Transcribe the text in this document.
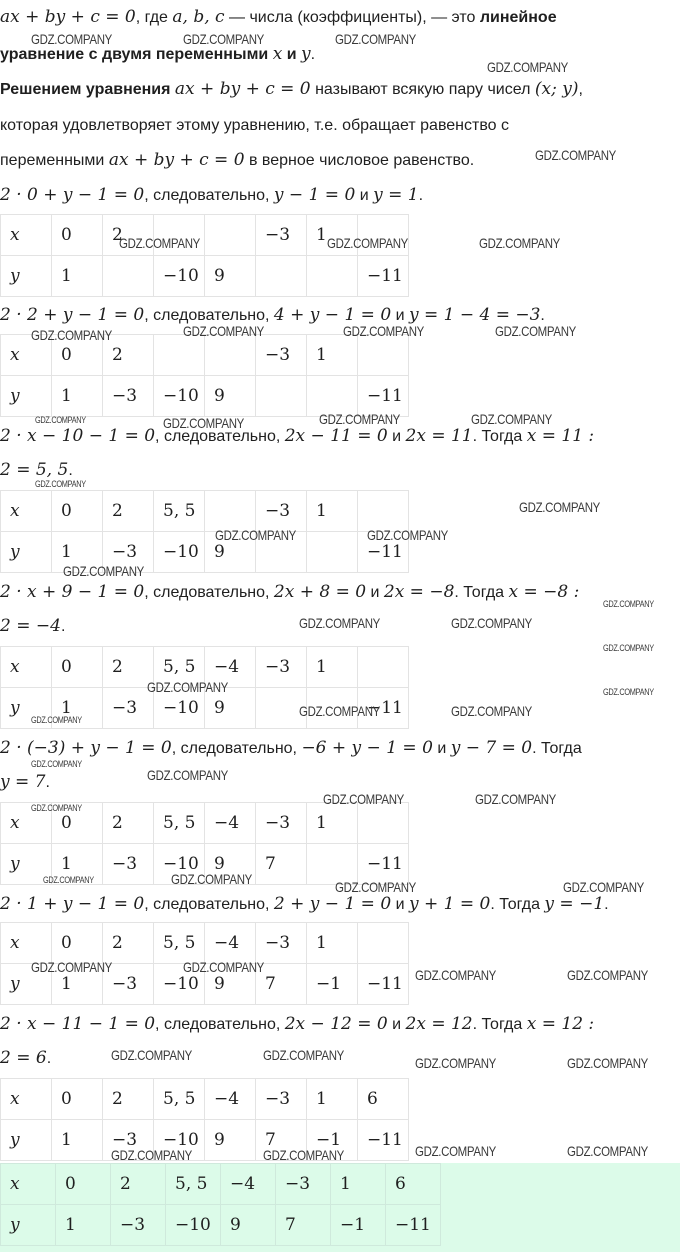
ax + by + c = 0, где a, b, c — числа (коэффициенты), — это линейное
уравнение с двумя переменными x и y.
Решением уравнения ax + by + c = 0 называют всякую пару чисел (x; y),
которая удовлетворяет этому уравнению, т.е. обращает равенство с
переменными ax + by + c = 0 в верное числовое равенство.
2 · 0 + y − 1 = 0, следовательно, y − 1 = 0 и y = 1.
x	0	2			−3	1	
y	1		−10	9			−11
2 · 2 + y − 1 = 0, следовательно, 4 + y − 1 = 0 и y = 1 − 4 = −3.
x	0	2			−3	1	
y	1	−3	−10	9			−11
2 · x − 10 − 1 = 0, следовательно, 2x − 11 = 0 и 2x = 11. Тогда x = 11 :
2 = 5, 5.
x	0	2	5, 5		−3	1	
y	1	−3	−10	9			−11
2 · x + 9 − 1 = 0, следовательно, 2x + 8 = 0 и 2x = −8. Тогда x = −8 :
2 = −4.
x	0	2	5, 5	−4	−3	1	
y	1	−3	−10	9			−11
2 · (−3) + y − 1 = 0, следовательно, −6 + y − 1 = 0 и y − 7 = 0. Тогда
y = 7.
x	0	2	5, 5	−4	−3	1	
y	1	−3	−10	9	7		−11
2 · 1 + y − 1 = 0, следовательно, 2 + y − 1 = 0 и y + 1 = 0. Тогда y = −1.
x	0	2	5, 5	−4	−3	1	
y	1	−3	−10	9	7	−1	−11
2 · x − 11 − 1 = 0, следовательно, 2x − 12 = 0 и 2x = 12. Тогда x = 12 :
2 = 6.
x	0	2	5, 5	−4	−3	1	6
y	1	−3	−10	9	7	−1	−11
x	0	2	5, 5	−4	−3	1	6
y	1	−3	−10	9	7	−1	−11
GDZ.COMPANY	GDZ.COMPANY	GDZ.COMPANY
GDZ.COMPANY
GDZ.COMPANY
GDZ.COMPANY	GDZ.COMPANY	GDZ.COMPANY
GDZ.COMPANY	GDZ.COMPANY	GDZ.COMPANY	GDZ.COMPANY
GDZ.COMPANY	GDZ.COMPANY	GDZ.COMPANY	GDZ.COMPANY
GDZ.COMPANY
GDZ.COMPANY
GDZ.COMPANY	GDZ.COMPANY
GDZ.COMPANY
GDZ.COMPANY
GDZ.COMPANY	GDZ.COMPANY
GDZ.COMPANY
GDZ.COMPANY	GDZ.COMPANY
GDZ.COMPANY
GDZ.COMPANY	GDZ.COMPANY
GDZ.COMPANY
GDZ.COMPANY
GDZ.COMPANY
GDZ.COMPANY	GDZ.COMPANY
GDZ.COMPANY	GDZ.COMPANY	GDZ.COMPANY	GDZ.COMPANY
GDZ.COMPANY	GDZ.COMPANY	GDZ.COMPANY	GDZ.COMPANY
GDZ.COMPANY	GDZ.COMPANY	GDZ.COMPANY	GDZ.COMPANY
GDZ.COMPANY	GDZ.COMPANY	GDZ.COMPANY	GDZ.COMPANY
